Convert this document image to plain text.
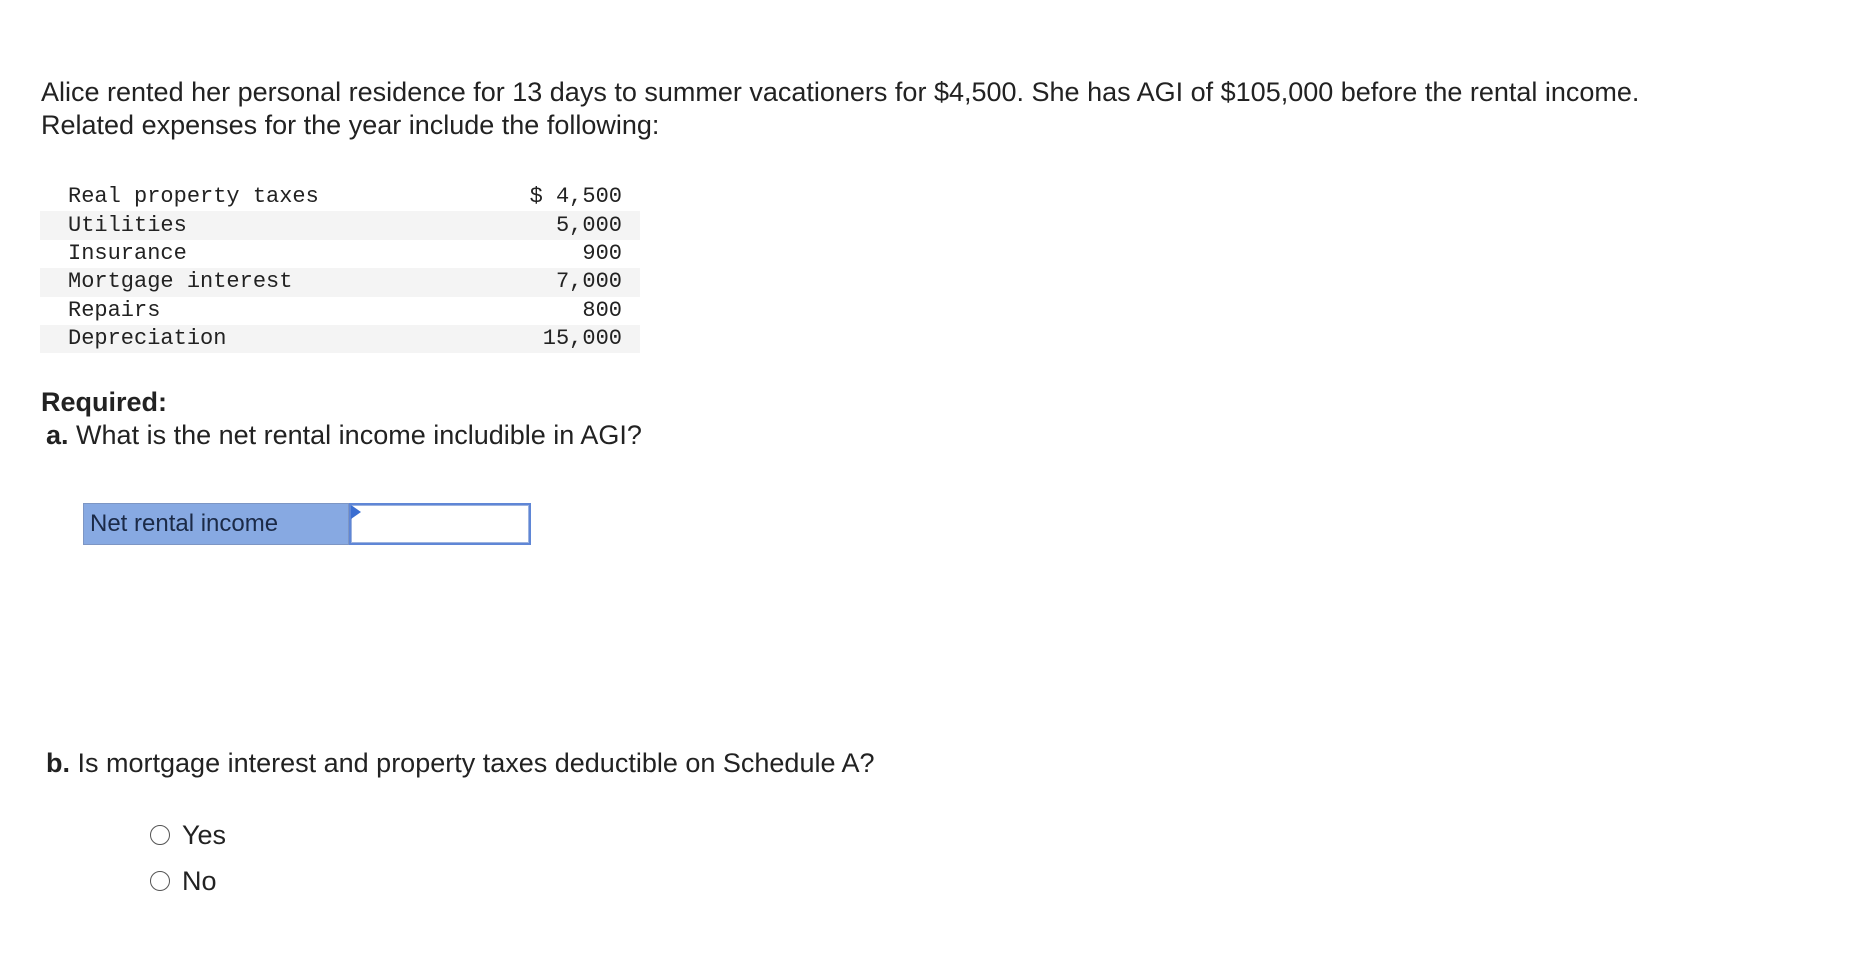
Alice rented her personal residence for 13 days to summer vacationers for $4,500. She has AGI of $105,000 before the rental income.

Related expenses for the year include the following:

Real property taxes	$ 4,500
Utilities	5,000
Insurance	900
Mortgage interest	7,000
Repairs	800
Depreciation	15,000
Required:
a. What is the net rental income includible in AGI?
Net rental income
b. Is mortgage interest and property taxes deductible on Schedule A?
Yes
No
